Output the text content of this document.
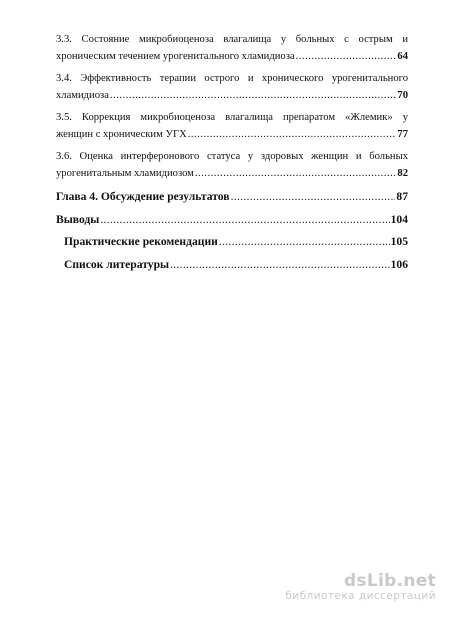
3.3. Состояние микробиоценоза влагалища у больных с острым и
хроническим течением урогенитального хламидиоза .....	64
3.4. Эффективность терапии острого и хронического урогенитального
хламидиоза .....	70
3.5. Коррекция микробиоценоза влагалища препаратом «Жлемик» у
женщин с хроническим УГХ .....	77
3.6. Оценка интерферонового статуса у здоровых женщин и больных
урогенитальным хламидиозом .....	82
Глава 4. Обсуждение результатов .....	87
Выводы .....	104
Практические рекомендации .....	105
Список литературы .....	106
dsLib.net
библиотека диссертаций
